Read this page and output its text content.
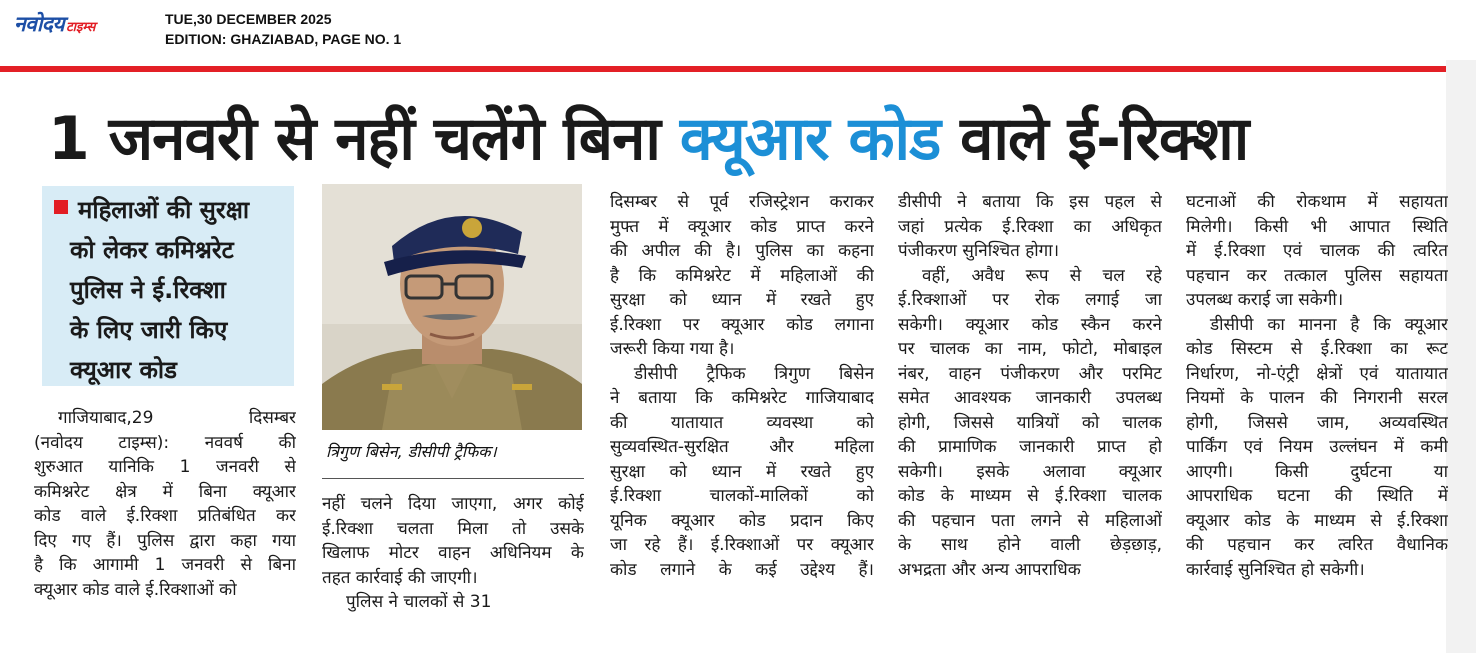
नवोदय टाइम्स
TUE,30 DECEMBER 2025
EDITION: GHAZIABAD, PAGE NO. 1
1 जनवरी से नहीं चलेंगे बिना क्यूआर कोड वाले ई-रिक्शा
महिलाओं की सुरक्षा
को लेकर कमिश्नरेट
पुलिस ने ई.रिक्शा
के लिए जारी किए
क्यूआर कोड
त्रिगुण बिसेन, डीसीपी ट्रैफिक।
गाजियाबाद,29 दिसम्बर
(नवोदय टाइम्स): नववर्ष की
शुरुआत यानिकि 1 जनवरी से
कमिश्नरेट क्षेत्र में बिना क्यूआर
कोड वाले ई.रिक्शा प्रतिबंधित कर
दिए गए हैं। पुलिस द्वारा कहा गया
है कि आगामी 1 जनवरी से बिना
क्यूआर कोड वाले ई.रिक्शाओं को
नहीं चलने दिया जाएगा, अगर कोई
ई.रिक्शा चलता मिला तो उसके
खिलाफ मोटर वाहन अधिनियम के
तहत कार्रवाई की जाएगी।
पुलिस ने चालकों से 31
दिसम्बर से पूर्व रजिस्ट्रेशन कराकर
मुफ्त में क्यूआर कोड प्राप्त करने
की अपील की है। पुलिस का कहना
है कि कमिश्नरेट में महिलाओं की
सुरक्षा को ध्यान में रखते हुए
ई.रिक्शा पर क्यूआर कोड लगाना
जरूरी किया गया है।
डीसीपी ट्रैफिक त्रिगुण बिसेन
ने बताया कि कमिश्नरेट गाजियाबाद
की यातायात व्यवस्था को
सुव्यवस्थित-सुरक्षित और महिला
सुरक्षा को ध्यान में रखते हुए
ई.रिक्शा चालकों-मालिकों को
यूनिक क्यूआर कोड प्रदान किए
जा रहे हैं। ई.रिक्शाओं पर क्यूआर
कोड लगाने के कई उद्देश्य हैं।
डीसीपी ने बताया कि इस पहल से
जहां प्रत्येक ई.रिक्शा का अधिकृत
पंजीकरण सुनिश्चित होगा।
वहीं, अवैध रूप से चल रहे
ई.रिक्शाओं पर रोक लगाई जा
सकेगी। क्यूआर कोड स्कैन करने
पर चालक का नाम, फोटो, मोबाइल
नंबर, वाहन पंजीकरण और परमिट
समेत आवश्यक जानकारी उपलब्ध
होगी, जिससे यात्रियों को चालक
की प्रामाणिक जानकारी प्राप्त हो
सकेगी। इसके अलावा क्यूआर
कोड के माध्यम से ई.रिक्शा चालक
की पहचान पता लगने से महिलाओं
के साथ होने वाली छेड़छाड़,
अभद्रता और अन्य आपराधिक
घटनाओं की रोकथाम में सहायता
मिलेगी। किसी भी आपात स्थिति
में ई.रिक्शा एवं चालक की त्वरित
पहचान कर तत्काल पुलिस सहायता
उपलब्ध कराई जा सकेगी।
डीसीपी का मानना है कि क्यूआर
कोड सिस्टम से ई.रिक्शा का रूट
निर्धारण, नो-एंट्री क्षेत्रों एवं यातायात
नियमों के पालन की निगरानी सरल
होगी, जिससे जाम, अव्यवस्थित
पार्किंग एवं नियम उल्लंघन में कमी
आएगी। किसी दुर्घटना या
आपराधिक घटना की स्थिति में
क्यूआर कोड के माध्यम से ई.रिक्शा
की पहचान कर त्वरित वैधानिक
कार्रवाई सुनिश्चित हो सकेगी।
